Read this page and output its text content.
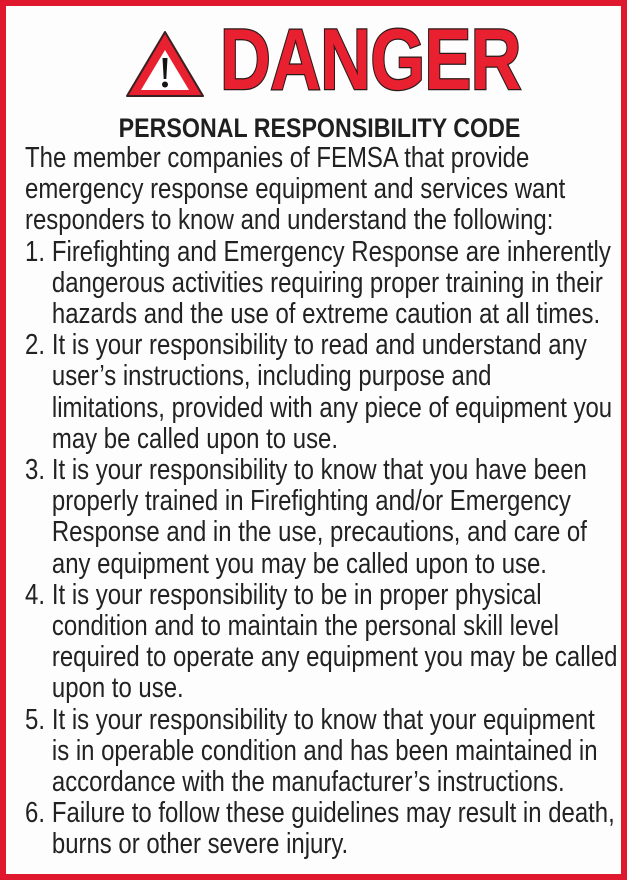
DANGER
PERSONAL RESPONSIBILITY CODE
The member companies of FEMSA that provide
emergency response equipment and services want
responders to know and understand the following:
1. Firefighting and Emergency Response are inherently
dangerous activities requiring proper training in their
hazards and the use of extreme caution at all times.
2. It is your responsibility to read and understand any
user’s instructions, including purpose and
limitations, provided with any piece of equipment you
may be called upon to use.
3. It is your responsibility to know that you have been
properly trained in Firefighting and/or Emergency
Response and in the use, precautions, and care of
any equipment you may be called upon to use.
4. It is your responsibility to be in proper physical
condition and to maintain the personal skill level
required to operate any equipment you may be called
upon to use.
5. It is your responsibility to know that your equipment
is in operable condition and has been maintained in
accordance with the manufacturer’s instructions.
6. Failure to follow these guidelines may result in death,
burns or other severe injury.
